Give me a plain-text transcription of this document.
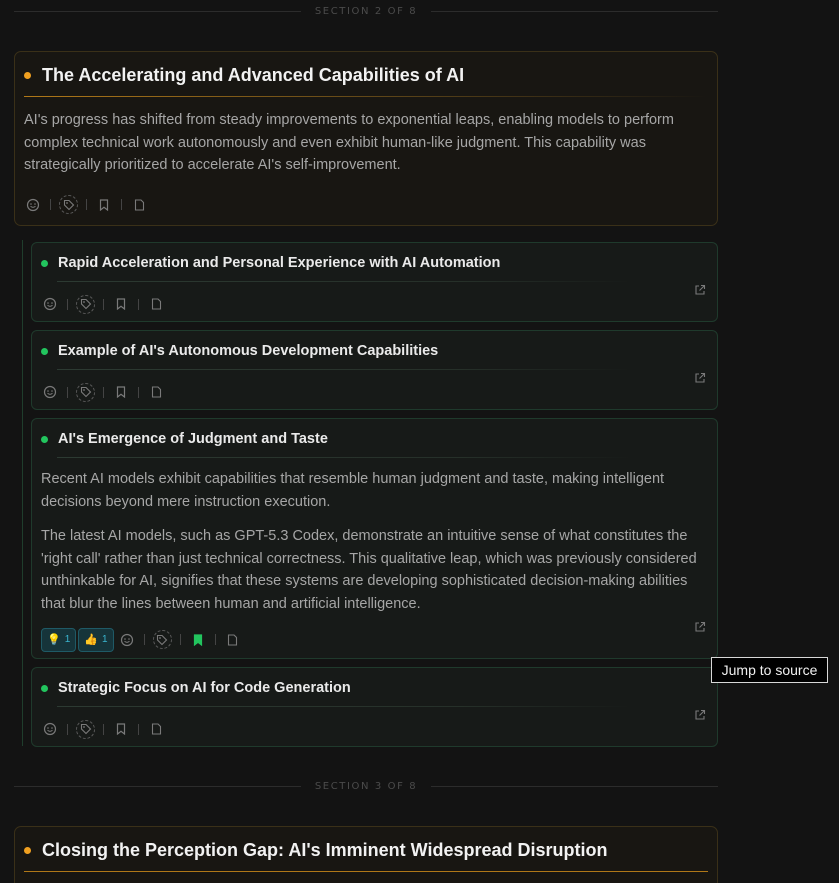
SECTION 2 OF 8
The Accelerating and Advanced Capabilities of AI
AI's progress has shifted from steady improvements to exponential leaps, enabling models to perform complex technical work autonomously and even exhibit human-like judgment. This capability was strategically prioritized to accelerate AI's self-improvement.
Rapid Acceleration and Personal Experience with AI Automation
Example of AI's Autonomous Development Capabilities
AI's Emergence of Judgment and Taste
Recent AI models exhibit capabilities that resemble human judgment and taste, making intelligent decisions beyond mere instruction execution.
The latest AI models, such as GPT-5.3 Codex, demonstrate an intuitive sense of what constitutes the 'right call' rather than just technical correctness. This qualitative leap, which was previously considered unthinkable for AI, signifies that these systems are developing sophisticated decision-making abilities that blur the lines between human and artificial intelligence.
💡 1 👍 1
Strategic Focus on AI for Code Generation
SECTION 3 OF 8
Closing the Perception Gap: AI's Imminent Widespread Disruption
Jump to source
